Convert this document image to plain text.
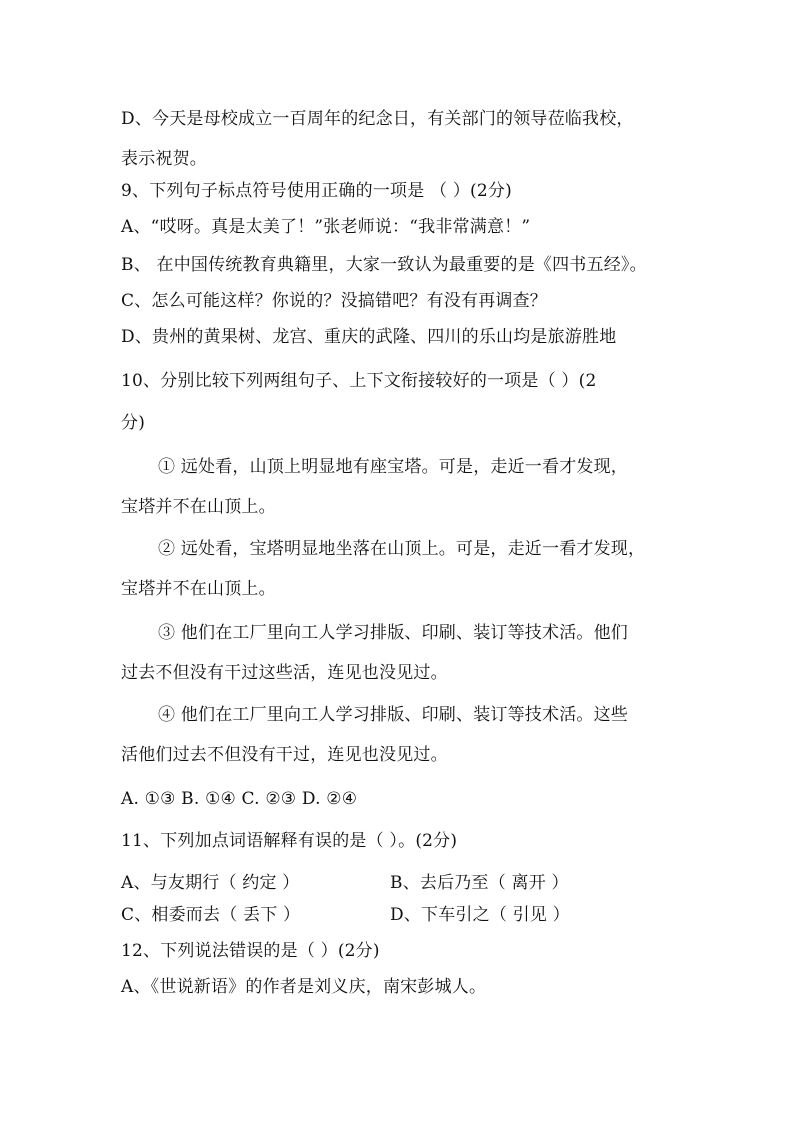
D、今天是母校成立一百周年的纪念日，有关部门的领导莅临我校，
表示祝贺。
9、下列句子标点符号使用正确的一项是 （ ）(2分)
A、“哎呀。真是太美了！”张老师说：“我非常满意！”
B、 在中国传统教育典籍里，大家一致认为最重要的是《四书五经》。
C、怎么可能这样？你说的？没搞错吧？有没有再调查？
D、贵州的黄果树、龙宫、重庆的武隆、四川的乐山均是旅游胜地
10、分别比较下列两组句子、上下文衔接较好的一项是（ ）(2
分)
① 远处看，山顶上明显地有座宝塔。可是，走近一看才发现，
宝塔并不在山顶上。
② 远处看，宝塔明显地坐落在山顶上。可是，走近一看才发现，
宝塔并不在山顶上。
③ 他们在工厂里向工人学习排版、印刷、装订等技术活。他们
过去不但没有干过这些活，连见也没见过。
④ 他们在工厂里向工人学习排版、印刷、装订等技术活。这些
活他们过去不但没有干过，连见也没见过。
A. ①③ B. ①④ C. ②③ D. ②④
11、下列加点词语解释有误的是（ ）。(2分)
A、与友期行（ 约定 ）	B、去后乃至（ 离开 ）
C、相委而去（ 丢下 ）	D、下车引之（ 引见 ）
12、下列说法错误的是（ ）(2分)
A、《世说新语》的作者是刘义庆，南宋彭城人。
